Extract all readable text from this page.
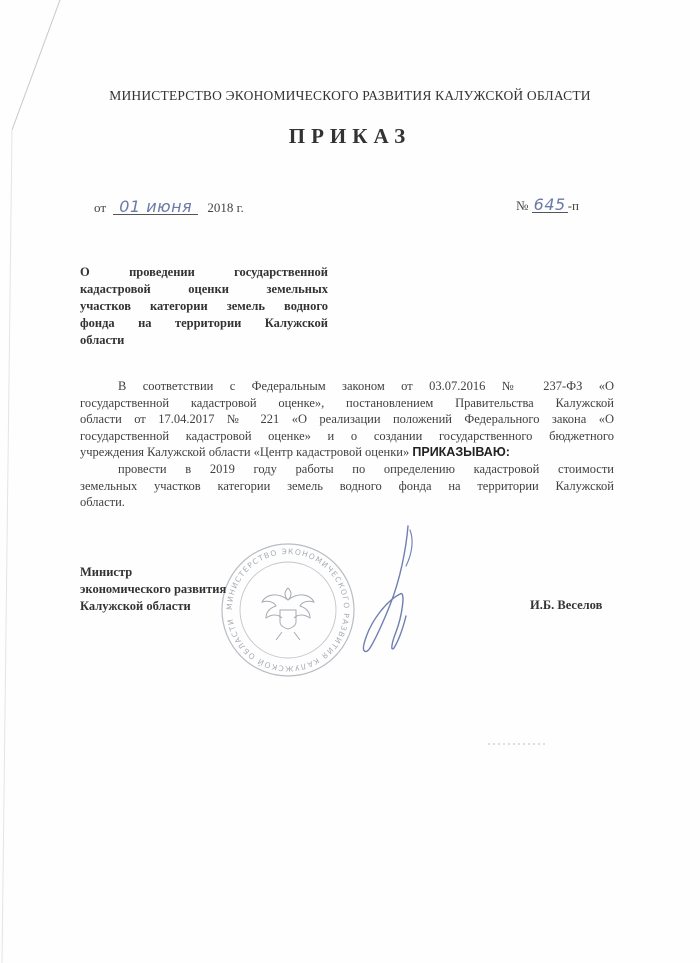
МИНИСТЕРСТВО ЭКОНОМИЧЕСКОГО РАЗВИТИЯ КАЛУЖСКОЙ ОБЛАСТИ
ПРИКАЗ
от 01 июня 2018 г.	№ 645 -п
О проведении государственной
кадастровой оценки земельных
участков категории земель водного
фонда на территории Калужской
области
В соответствии с Федеральным законом от 03.07.2016 № 237-ФЗ «О
государственной кадастровой оценке», постановлением Правительства Калужской
области от 17.04.2017 № 221 «О реализации положений Федерального закона «О
государственной кадастровой оценке» и о создании государственного бюджетного
учреждения Калужской области «Центр кадастровой оценки» ПРИКАЗЫВАЮ:
провести в 2019 году работы по определению кадастровой стоимости
земельных участков категории земель водного фонда на территории Калужской
области.
МИНИСТЕРСТВО ЭКОНОМИЧЕСКОГО РАЗВИТИЯ КАЛУЖСКОЙ ОБЛАСТИ
Министр
экономического развития
Калужской области	И.Б. Веселов
